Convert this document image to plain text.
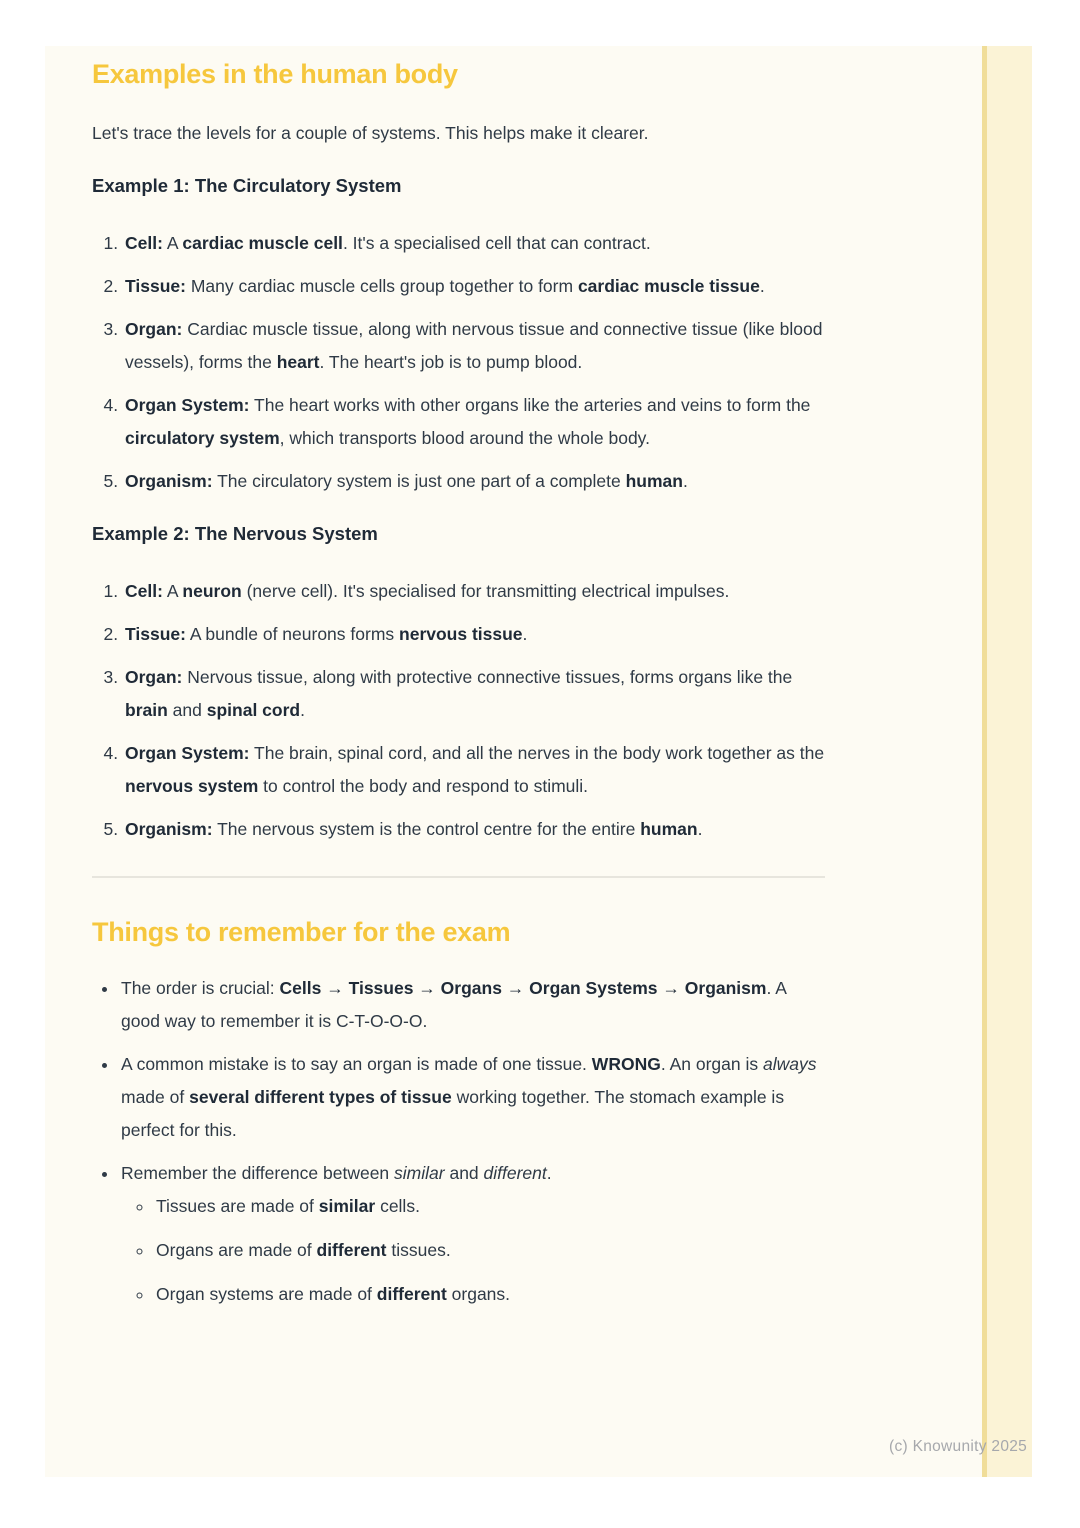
Examples in the human body

Let's trace the levels for a couple of systems. This helps make it clearer.

Example 1: The Circulatory System
1. Cell: A cardiac muscle cell. It's a specialised cell that can contract.
2. Tissue: Many cardiac muscle cells group together to form cardiac muscle tissue.
3. Organ: Cardiac muscle tissue, along with nervous tissue and connective tissue (like blood vessels), forms the heart. The heart's job is to pump blood.
4. Organ System: The heart works with other organs like the arteries and veins to form the circulatory system, which transports blood around the whole body.
5. Organism: The circulatory system is just one part of a complete human.
Example 2: The Nervous System
1. Cell: A neuron (nerve cell). It's specialised for transmitting electrical impulses.
2. Tissue: A bundle of neurons forms nervous tissue.
3. Organ: Nervous tissue, along with protective connective tissues, forms organs like the brain and spinal cord.
4. Organ System: The brain, spinal cord, and all the nerves in the body work together as the nervous system to control the body and respond to stimuli.
5. Organism: The nervous system is the control centre for the entire human.
Things to remember for the exam
• The order is crucial: Cells → Tissues → Organs → Organ Systems → Organism. A good way to remember it is C-T-O-O-O.
• A common mistake is to say an organ is made of one tissue. WRONG. An organ is always made of several different types of tissue working together. The stomach example is perfect for this.
• Remember the difference between similar and different.
◦ Tissues are made of similar cells.
◦ Organs are made of different tissues.
◦ Organ systems are made of different organs.
(c) Knowunity 2025
